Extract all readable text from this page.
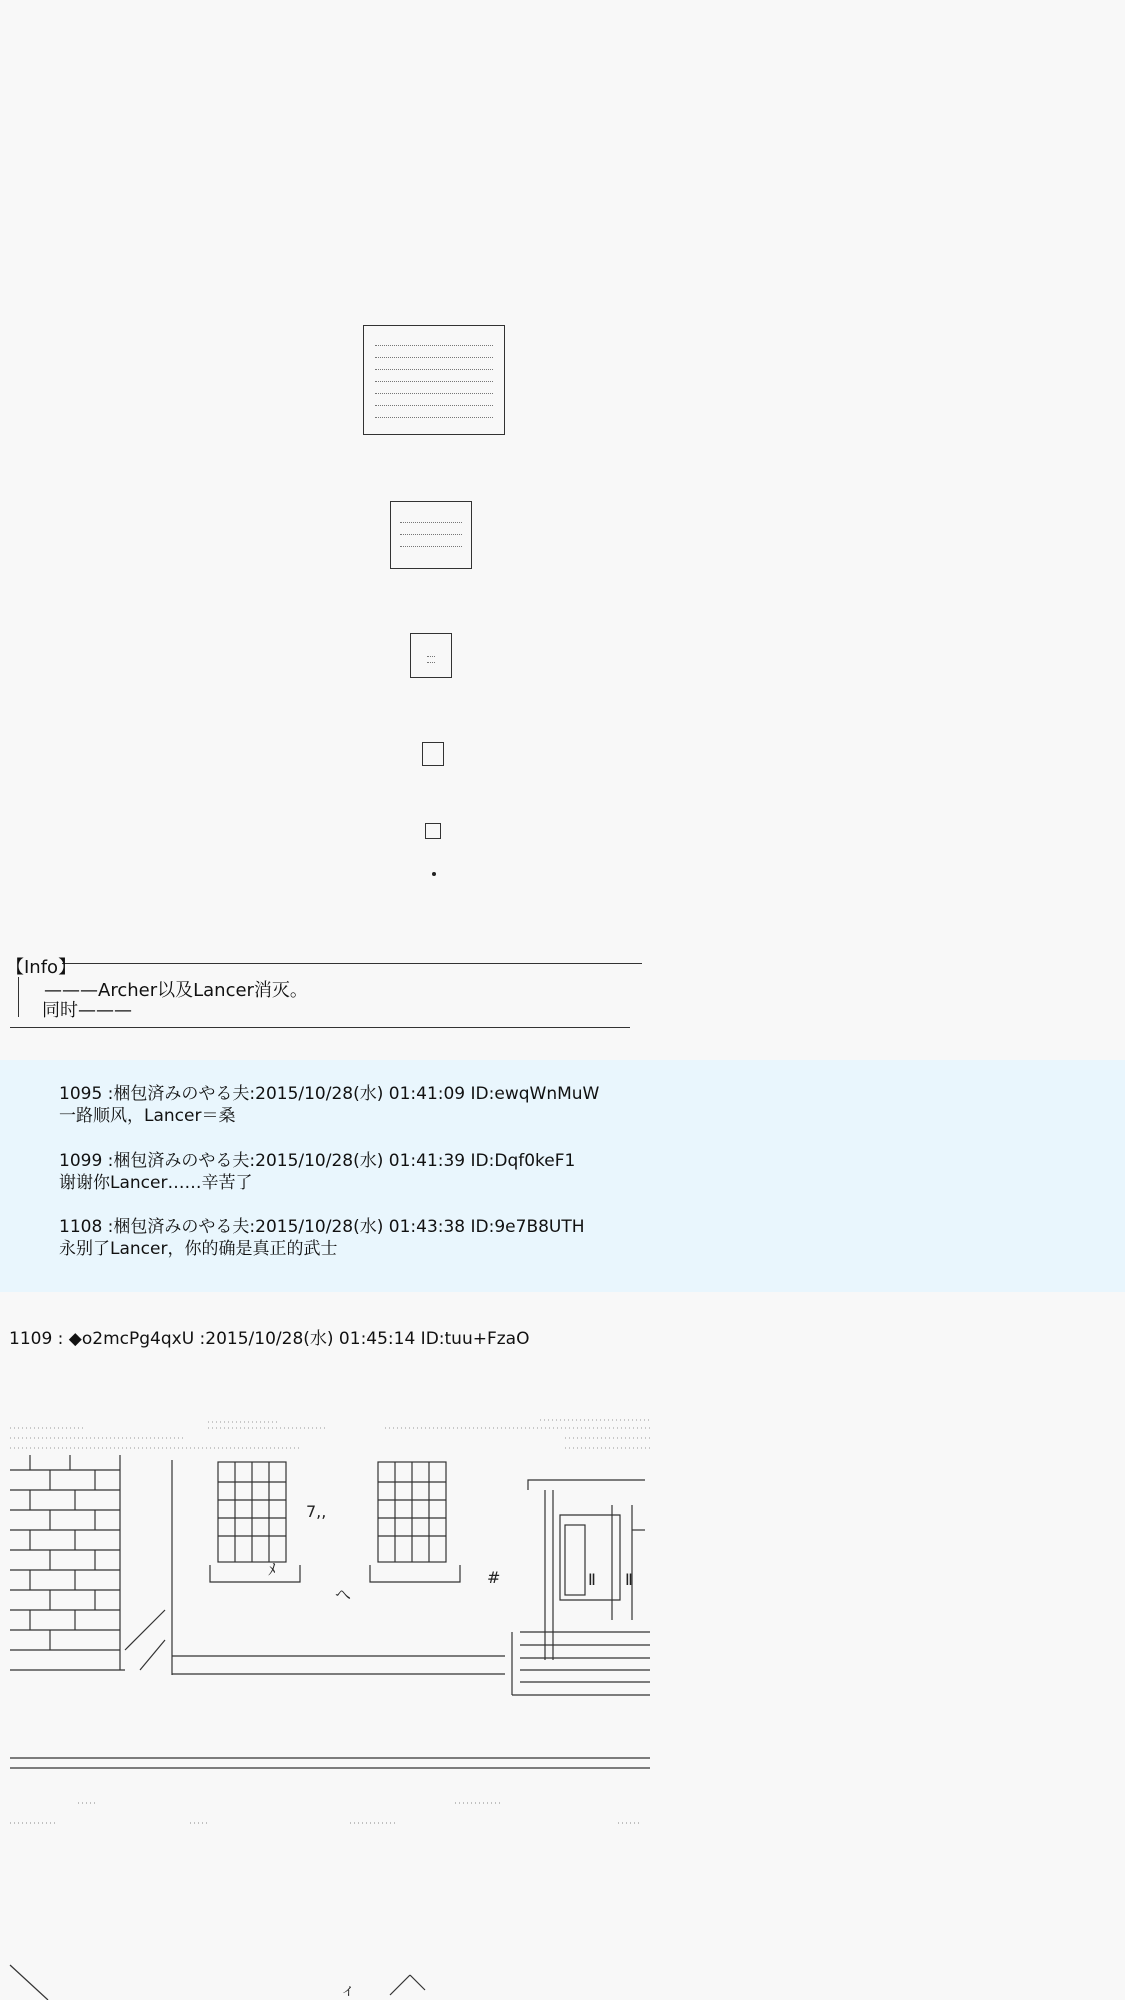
【Info】
———Archer以及Lancer消灭。
同时———
1095 :梱包済みのやる夫:2015/10/28(水) 01:41:09 ID:ewqWnMuW
一路顺风，Lancer＝桑
1099 :梱包済みのやる夫:2015/10/28(水) 01:41:39 ID:Dqf0keF1
谢谢你Lancer……辛苦了
1108 :梱包済みのやる夫:2015/10/28(水) 01:43:38 ID:9e7B8UTH
永别了Lancer，你的确是真正的武士
1109 : ◆o2mcPg4qxU :2015/10/28(水) 01:45:14 ID:tuu+FzaO
ﾒ
へ
#	Ⅱ Ⅱ
7,,
ィ
